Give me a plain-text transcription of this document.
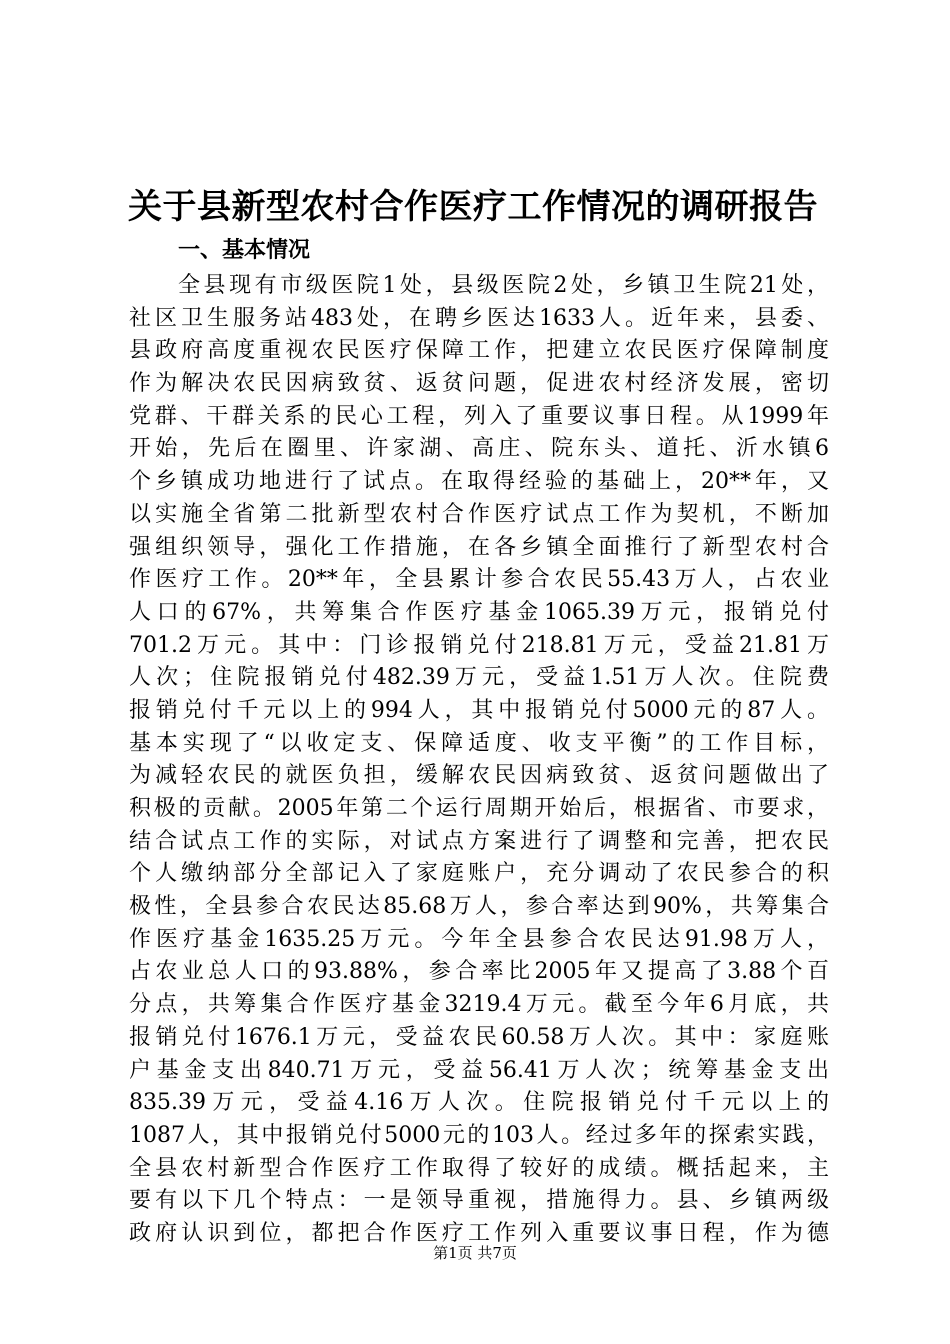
关于县新型农村合作医疗工作情况的调研报告
一、基本情况
全县现有市级医院1处，县级医院2处，乡镇卫生院21处，
社区卫生服务站483处，在聘乡医达1633人。近年来，县委、
县政府高度重视农民医疗保障工作，把建立农民医疗保障制度
作为解决农民因病致贫、返贫问题，促进农村经济发展，密切
党群、干群关系的民心工程，列入了重要议事日程。从1999年
开始，先后在圈里、许家湖、高庄、院东头、道托、沂水镇6
个乡镇成功地进行了试点。在取得经验的基础上，20**年，又
以实施全省第二批新型农村合作医疗试点工作为契机，不断加
强组织领导，强化工作措施，在各乡镇全面推行了新型农村合
作医疗工作。20**年，全县累计参合农民55.43万人，占农业
人口的67%，共筹集合作医疗基金1065.39万元，报销兑付
701.2万元。其中：门诊报销兑付218.81万元，受益21.81万
人次；住院报销兑付482.39万元，受益1.51万人次。住院费
报销兑付千元以上的994人，其中报销兑付5000元的87人。
基本实现了“以收定支、保障适度、收支平衡”的工作目标，
为减轻农民的就医负担，缓解农民因病致贫、返贫问题做出了
积极的贡献。2005年第二个运行周期开始后，根据省、市要求，
结合试点工作的实际，对试点方案进行了调整和完善，把农民
个人缴纳部分全部记入了家庭账户，充分调动了农民参合的积
极性，全县参合农民达85.68万人，参合率达到90%，共筹集合
作医疗基金1635.25万元。今年全县参合农民达91.98万人，
占农业总人口的93.88%，参合率比2005年又提高了3.88个百
分点，共筹集合作医疗基金3219.4万元。截至今年6月底，共
报销兑付1676.1万元，受益农民60.58万人次。其中：家庭账
户基金支出840.71万元，受益56.41万人次；统筹基金支出
835.39万元，受益4.16万人次。住院报销兑付千元以上的
1087人，其中报销兑付5000元的103人。经过多年的探索实践，
全县农村新型合作医疗工作取得了较好的成绩。概括起来，主
要有以下几个特点：一是领导重视，措施得力。县、乡镇两级
政府认识到位，都把合作医疗工作列入重要议事日程，作为德
第1页 共7页
